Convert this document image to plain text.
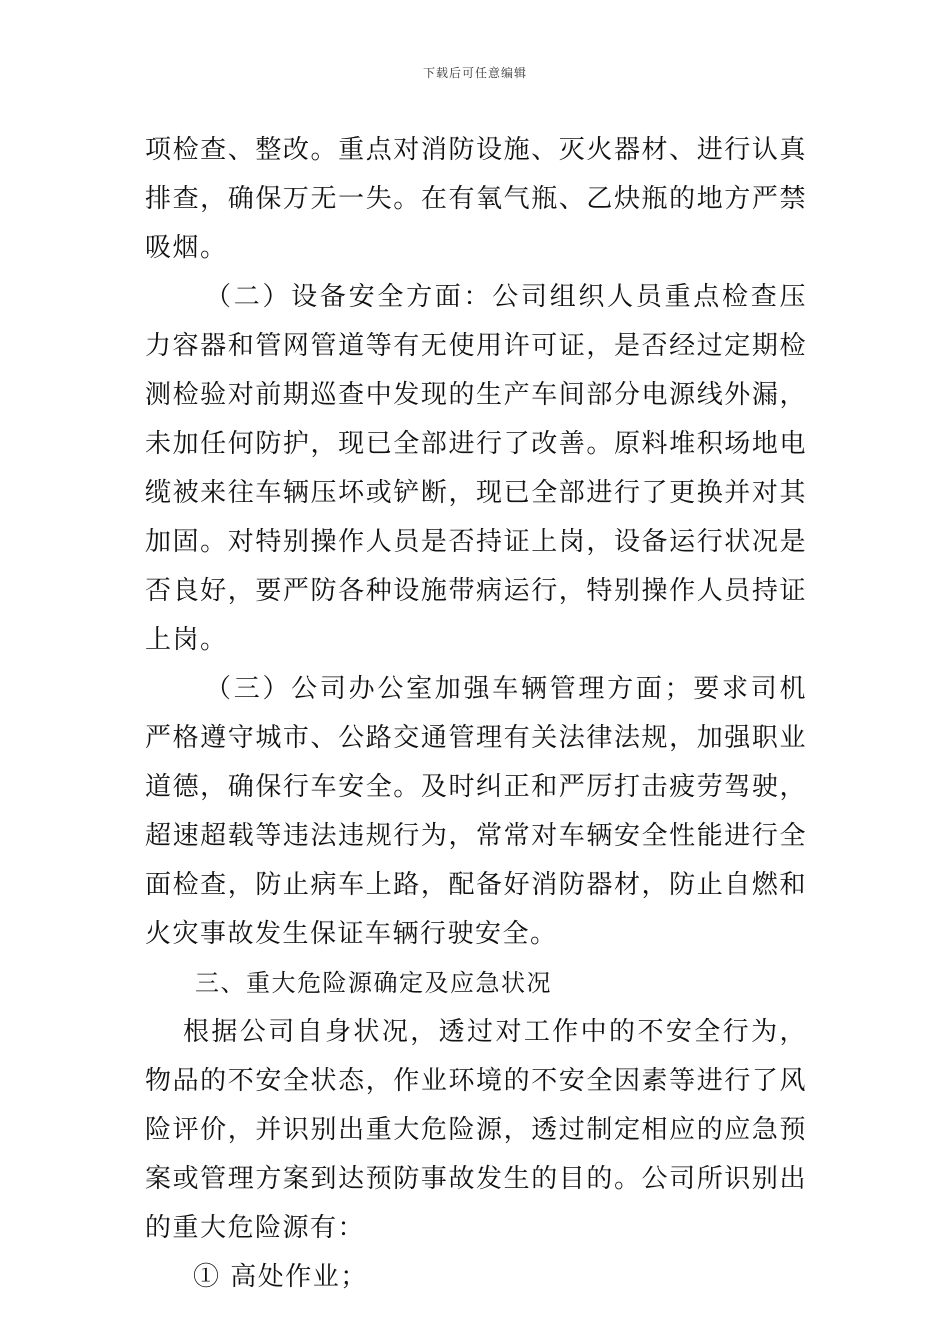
下载后可任意编辑

项检查、整改。重点对消防设施、灭火器材、进行认真排查，确保万无一失。在有氧气瓶、乙炔瓶的地方严禁吸烟。

（二）设备安全方面：公司组织人员重点检查压力容器和管网管道等有无使用许可证，是否经过定期检测检验对前期巡查中发现的生产车间部分电源线外漏，未加任何防护，现已全部进行了改善。原料堆积场地电缆被来往车辆压坏或铲断，现已全部进行了更换并对其加固。对特别操作人员是否持证上岗，设备运行状况是否良好，要严防各种设施带病运行，特别操作人员持证上岗。

（三）公司办公室加强车辆管理方面；要求司机严格遵守城市、公路交通管理有关法律法规，加强职业道德，确保行车安全。及时纠正和严厉打击疲劳驾驶，超速超载等违法违规行为，常常对车辆安全性能进行全面检查，防止病车上路，配备好消防器材，防止自燃和火灾事故发生保证车辆行驶安全。

三、重大危险源确定及应急状况

根据公司自身状况，透过对工作中的不安全行为，物品的不安全状态，作业环境的不安全因素等进行了风险评价，并识别出重大危险源，透过制定相应的应急预案或管理方案到达预防事故发生的目的。公司所识别出的重大危险源有：

① 高处作业；
